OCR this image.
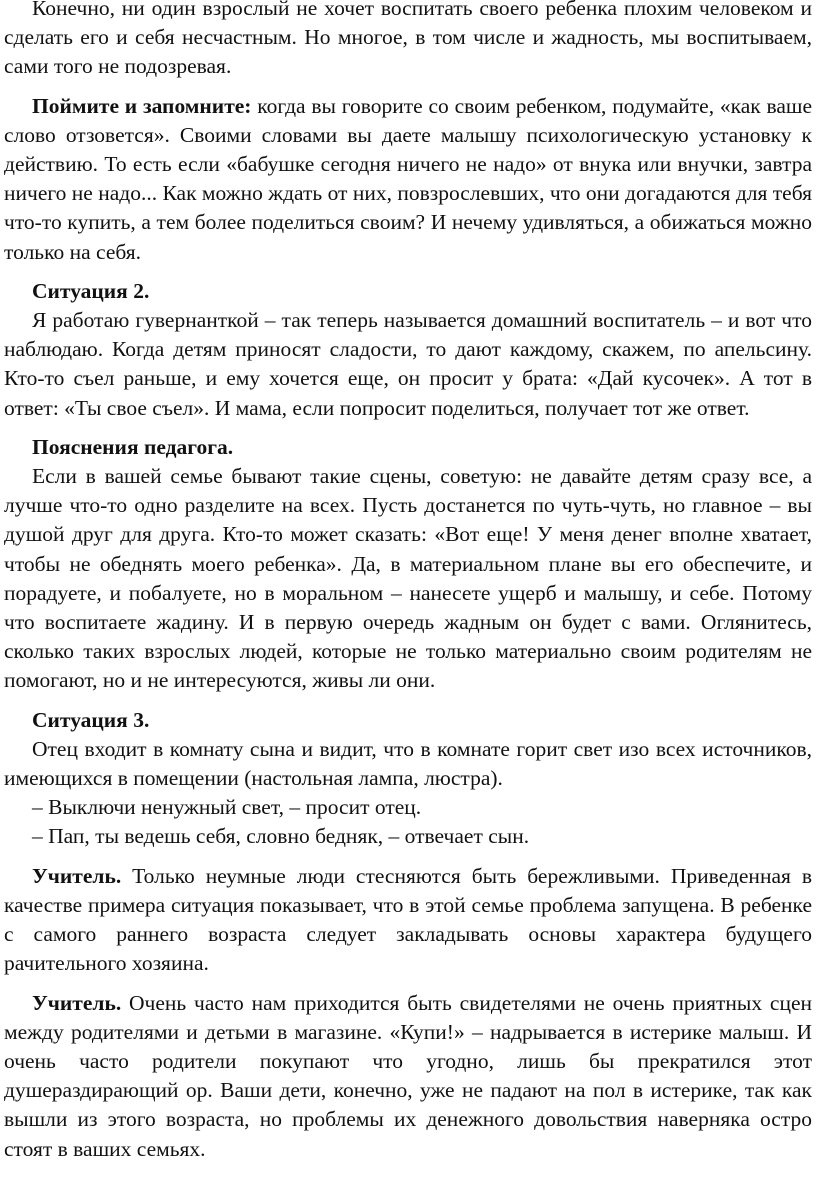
Конечно, ни один взрослый не хочет воспитать своего ребенка плохим человеком и сделать его и себя несчастным. Но многое, в том числе и жадность, мы воспитываем, сами того не подозревая.

Поймите и запомните: когда вы говорите со своим ребенком, подумайте, «как ваше слово отзовется». Своими словами вы даете малышу психологическую установку к действию. То есть если «бабушке сегодня ничего не надо» от внука или внучки, завтра ничего не надо... Как можно ждать от них, повзрослевших, что они догадаются для тебя что-то купить, а тем более поделиться своим? И нечему удивляться, а обижаться можно только на себя.

Ситуация 2.

Я работаю гувернанткой – так теперь называется домашний воспитатель – и вот что наблюдаю. Когда детям приносят сладости, то дают каждому, скажем, по апельсину. Кто-то съел раньше, и ему хочется еще, он просит у брата: «Дай кусочек». А тот в ответ: «Ты свое съел». И мама, если попросит поделиться, получает тот же ответ.

Пояснения педагога.

Если в вашей семье бывают такие сцены, советую: не давайте детям сразу все, а лучше что-то одно разделите на всех. Пусть достанется по чуть-чуть, но главное – вы душой друг для друга. Кто-то может сказать: «Вот еще! У меня денег вполне хватает, чтобы не обеднять моего ребенка». Да, в материальном плане вы его обеспечите, и порадуете, и побалуете, но в моральном – нанесете ущерб и малышу, и себе. Потому что воспитаете жадину. И в первую очередь жадным он будет с вами. Оглянитесь, сколько таких взрослых людей, которые не только материально своим родителям не помогают, но и не интересуются, живы ли они.

Ситуация 3.

Отец входит в комнату сына и видит, что в комнате горит свет изо всех источников, имеющихся в помещении (настольная лампа, люстра).

– Выключи ненужный свет, – просит отец.

– Пап, ты ведешь себя, словно бедняк, – отвечает сын.

Учитель. Только неумные люди стесняются быть бережливыми. Приведенная в качестве примера ситуация показывает, что в этой семье проблема запущена. В ребенке с самого раннего возраста следует закладывать основы характера будущего рачительного хозяина.

Учитель. Очень часто нам приходится быть свидетелями не очень приятных сцен между родителями и детьми в магазине. «Купи!» – надрывается в истерике малыш. И очень часто родители покупают что угодно, лишь бы прекратился этот душераздирающий ор. Ваши дети, конечно, уже не падают на пол в истерике, так как вышли из этого возраста, но проблемы их денежного довольствия наверняка остро стоят в ваших семьях.
